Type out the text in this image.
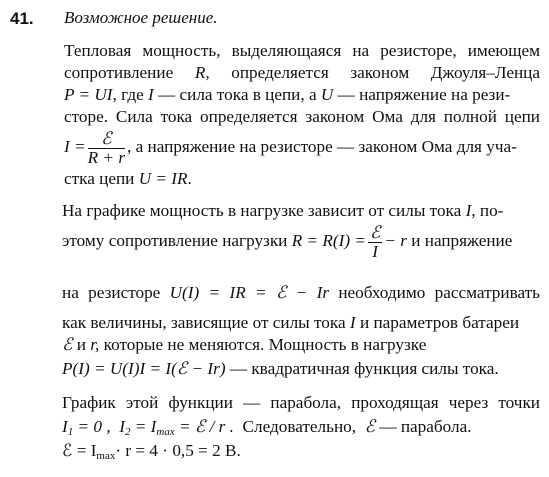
41. Возможное решение.
Тепловая мощность, выделяющаяся на резисторе, имеющем
сопротивление R, определяется законом Джоуля–Ленца
P = UI, где I — сила тока в цепи, а U — напряжение на рези-
сторе. Сила тока определяется законом Ома для полной цепи
$I = \frac{\text{ℰ}}{R + r}$ , а напряжение на резисторе — законом Ома для уча-
стка цепи U = IR.
На графике мощность в нагрузке зависит от силы тока I, по-
этому сопротивление нагрузки $R = R(I) = \frac{\text{ℰ}}{I} - r$ и напряжение
на резисторе U(I) = IR = ℰ − Ir необходимо рассматривать
как величины, зависящие от силы тока I и параметров батареи
ℰ и r, которые не меняются. Мощность в нагрузке
P(I) = U(I)I = I(ℰ − Ir) — квадратичная функция силы тока.
График этой функции — парабола, проходящая через точки
$I_1 = 0$ , $I_2 = I_{max}$ = ℰ / r . Следовательно, ℰ — парабола.
ℰ = $I_{max}\cdot r = 4 \cdot 0,5 = 2$ В.
